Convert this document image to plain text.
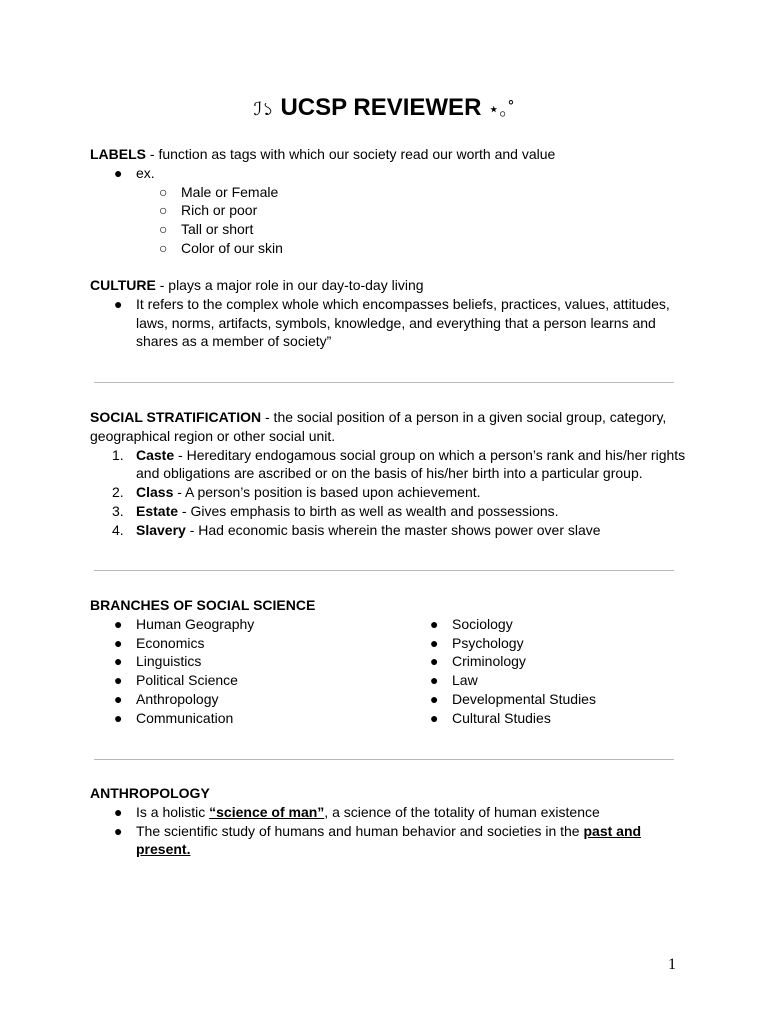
ℐ১ UCSP REVIEWER ⋆｡˚
LABELS - function as tags with which our society read our worth and value
● ex.
○ Male or Female
○ Rich or poor
○ Tall or short
○ Color of our skin
CULTURE - plays a major role in our day-to-day living
● It refers to the complex whole which encompasses beliefs, practices, values, attitudes,
laws, norms, artifacts, symbols, knowledge, and everything that a person learns and
shares as a member of society”
SOCIAL STRATIFICATION - the social position of a person in a given social group, category,
geographical region or other social unit.
1. Caste - Hereditary endogamous social group on which a person’s rank and his/her rights
and obligations are ascribed or on the basis of his/her birth into a particular group.
2. Class - A person’s position is based upon achievement.
3. Estate - Gives emphasis to birth as well as wealth and possessions.
4. Slavery - Had economic basis wherein the master shows power over slave
BRANCHES OF SOCIAL SCIENCE
● Human Geography
● Economics
● Linguistics
● Political Science
● Anthropology
● Communication
● Sociology
● Psychology
● Criminology
● Law
● Developmental Studies
● Cultural Studies
ANTHROPOLOGY
● Is a holistic “science of man”, a science of the totality of human existence
● The scientific study of humans and human behavior and societies in the past and
present.
1
